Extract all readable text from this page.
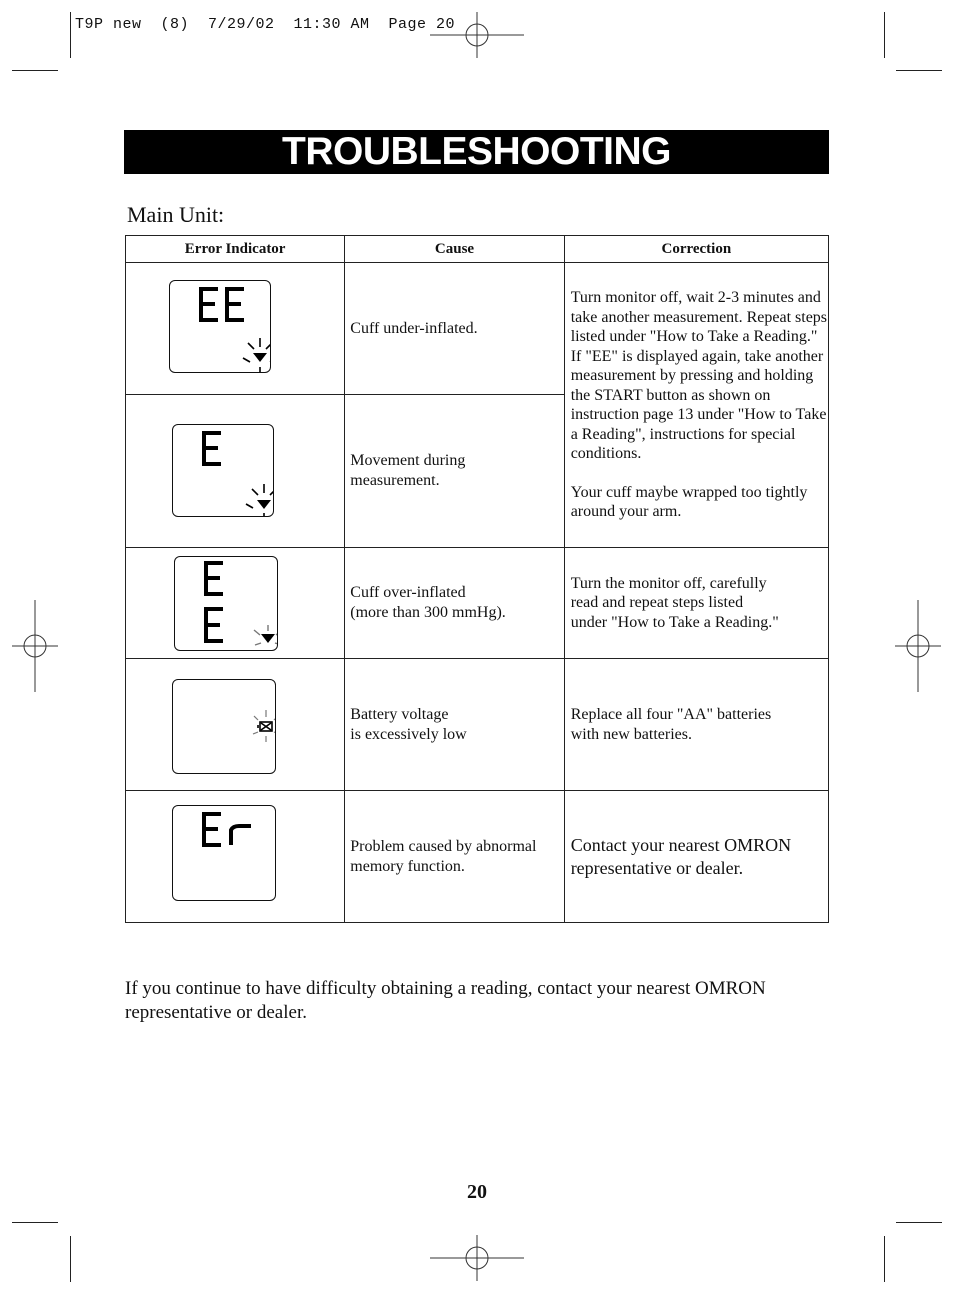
T9P new  (8)  7/29/02  11:30 AM  Page 20
TROUBLESHOOTING
Main Unit:
Error Indicator	Cause	Correction

	Cuff under-inflated.	Turn monitor off, wait 2-3 minutes and take another measurement. Repeat steps listed under "How to Take a Reading." If "EE" is displayed again, take another measurement by pressing and holding the START button as shown on instruction page 13 under "How to Take a Reading", instructions for special conditions.

Your cuff maybe wrapped too tightly around your arm.

	Movement during
measurement.	

	Cuff over-inflated
(more than 300 mmHg).	Turn the monitor off, carefully
read and repeat steps listed
under "How to Take a Reading."

	Battery voltage
is excessively low	Replace all four "AA" batteries
with new batteries.

	Problem caused by abnormal
memory function.	Contact your nearest OMRON
representative or dealer.
If you continue to have difficulty obtaining a reading, contact your nearest OMRON representative or dealer.
20
